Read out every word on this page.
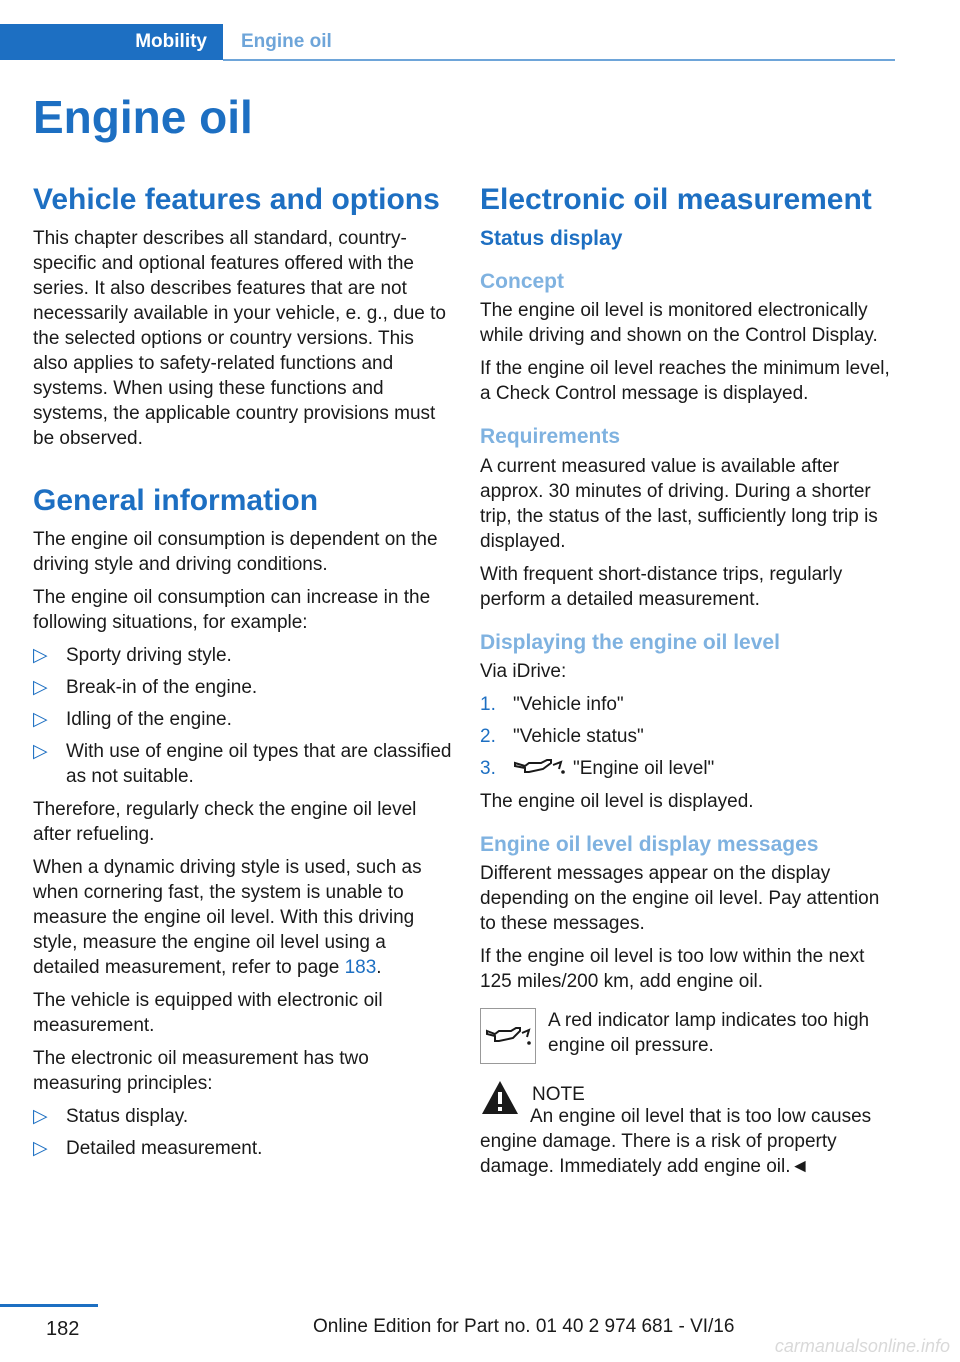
Mobility Engine oil
Engine oil
Vehicle features and options

This chapter describes all standard, country-specific and optional features offered with the series. It also describes features that are not necessarily available in your vehicle, e. g., due to the selected options or country versions. This also applies to safety-related functions and systems. When using these functions and systems, the applicable country provisions must be observed.

General information

The engine oil consumption is dependent on the driving style and driving conditions.

The engine oil consumption can increase in the following situations, for example:

▷ Sporty driving style.
▷ Break-in of the engine.
▷ Idling of the engine.
▷ With use of engine oil types that are classified as not suitable.

Therefore, regularly check the engine oil level after refueling.

When a dynamic driving style is used, such as when cornering fast, the system is unable to measure the engine oil level. With this driving style, measure the engine oil level using a detailed measurement, refer to page 183.

The vehicle is equipped with electronic oil measurement.

The electronic oil measurement has two measuring principles:

▷ Status display.
▷ Detailed measurement.
Electronic oil measurement
Status display
Concept

The engine oil level is monitored electronically while driving and shown on the Control Display.

If the engine oil level reaches the minimum level, a Check Control message is displayed.

Requirements

A current measured value is available after approx. 30 minutes of driving. During a shorter trip, the status of the last, sufficiently long trip is displayed.

With frequent short-distance trips, regularly perform a detailed measurement.

Displaying the engine oil level

Via iDrive:

1. "Vehicle info"
2. "Vehicle status"
3.	"Engine oil level"

The engine oil level is displayed.

Engine oil level display messages

Different messages appear on the display depending on the engine oil level. Pay attention to these messages.

If the engine oil level is too low within the next 125 miles/200 km, add engine oil.

A red indicator lamp indicates too high engine oil pressure.

NOTE

An engine oil level that is too low causes engine damage. There is a risk of property damage. Immediately add engine oil.◄

182	Online Edition for Part no. 01 40 2 974 681 - VI/16
carmanualsonline.info
